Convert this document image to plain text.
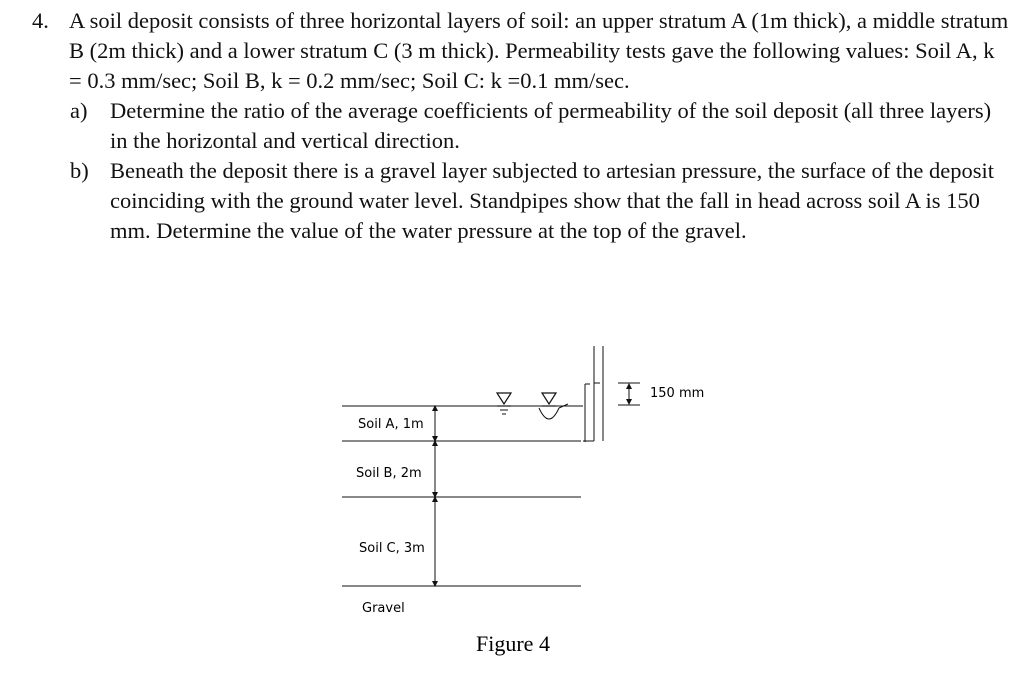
4. A soil deposit consists of three horizontal layers of soil: an upper stratum A (1m thick), a middle stratum B (2m thick) and a lower stratum C (3 m thick). Permeability tests gave the following values: Soil A, k = 0.3 mm/sec; Soil B, k = 0.2 mm/sec; Soil C: k =0.1 mm/sec.
a) Determine the ratio of the average coefficients of permeability of the soil deposit (all three layers) in the horizontal and vertical direction.
b) Beneath the deposit there is a gravel layer subjected to artesian pressure, the surface of the deposit coinciding with the ground water level. Standpipes show that the fall in head across soil A is 150 mm. Determine the value of the water pressure at the top of the gravel.
Soil A, 1m
Soil B, 2m
Soil C, 3m
Gravel
150 mm
Figure 4
